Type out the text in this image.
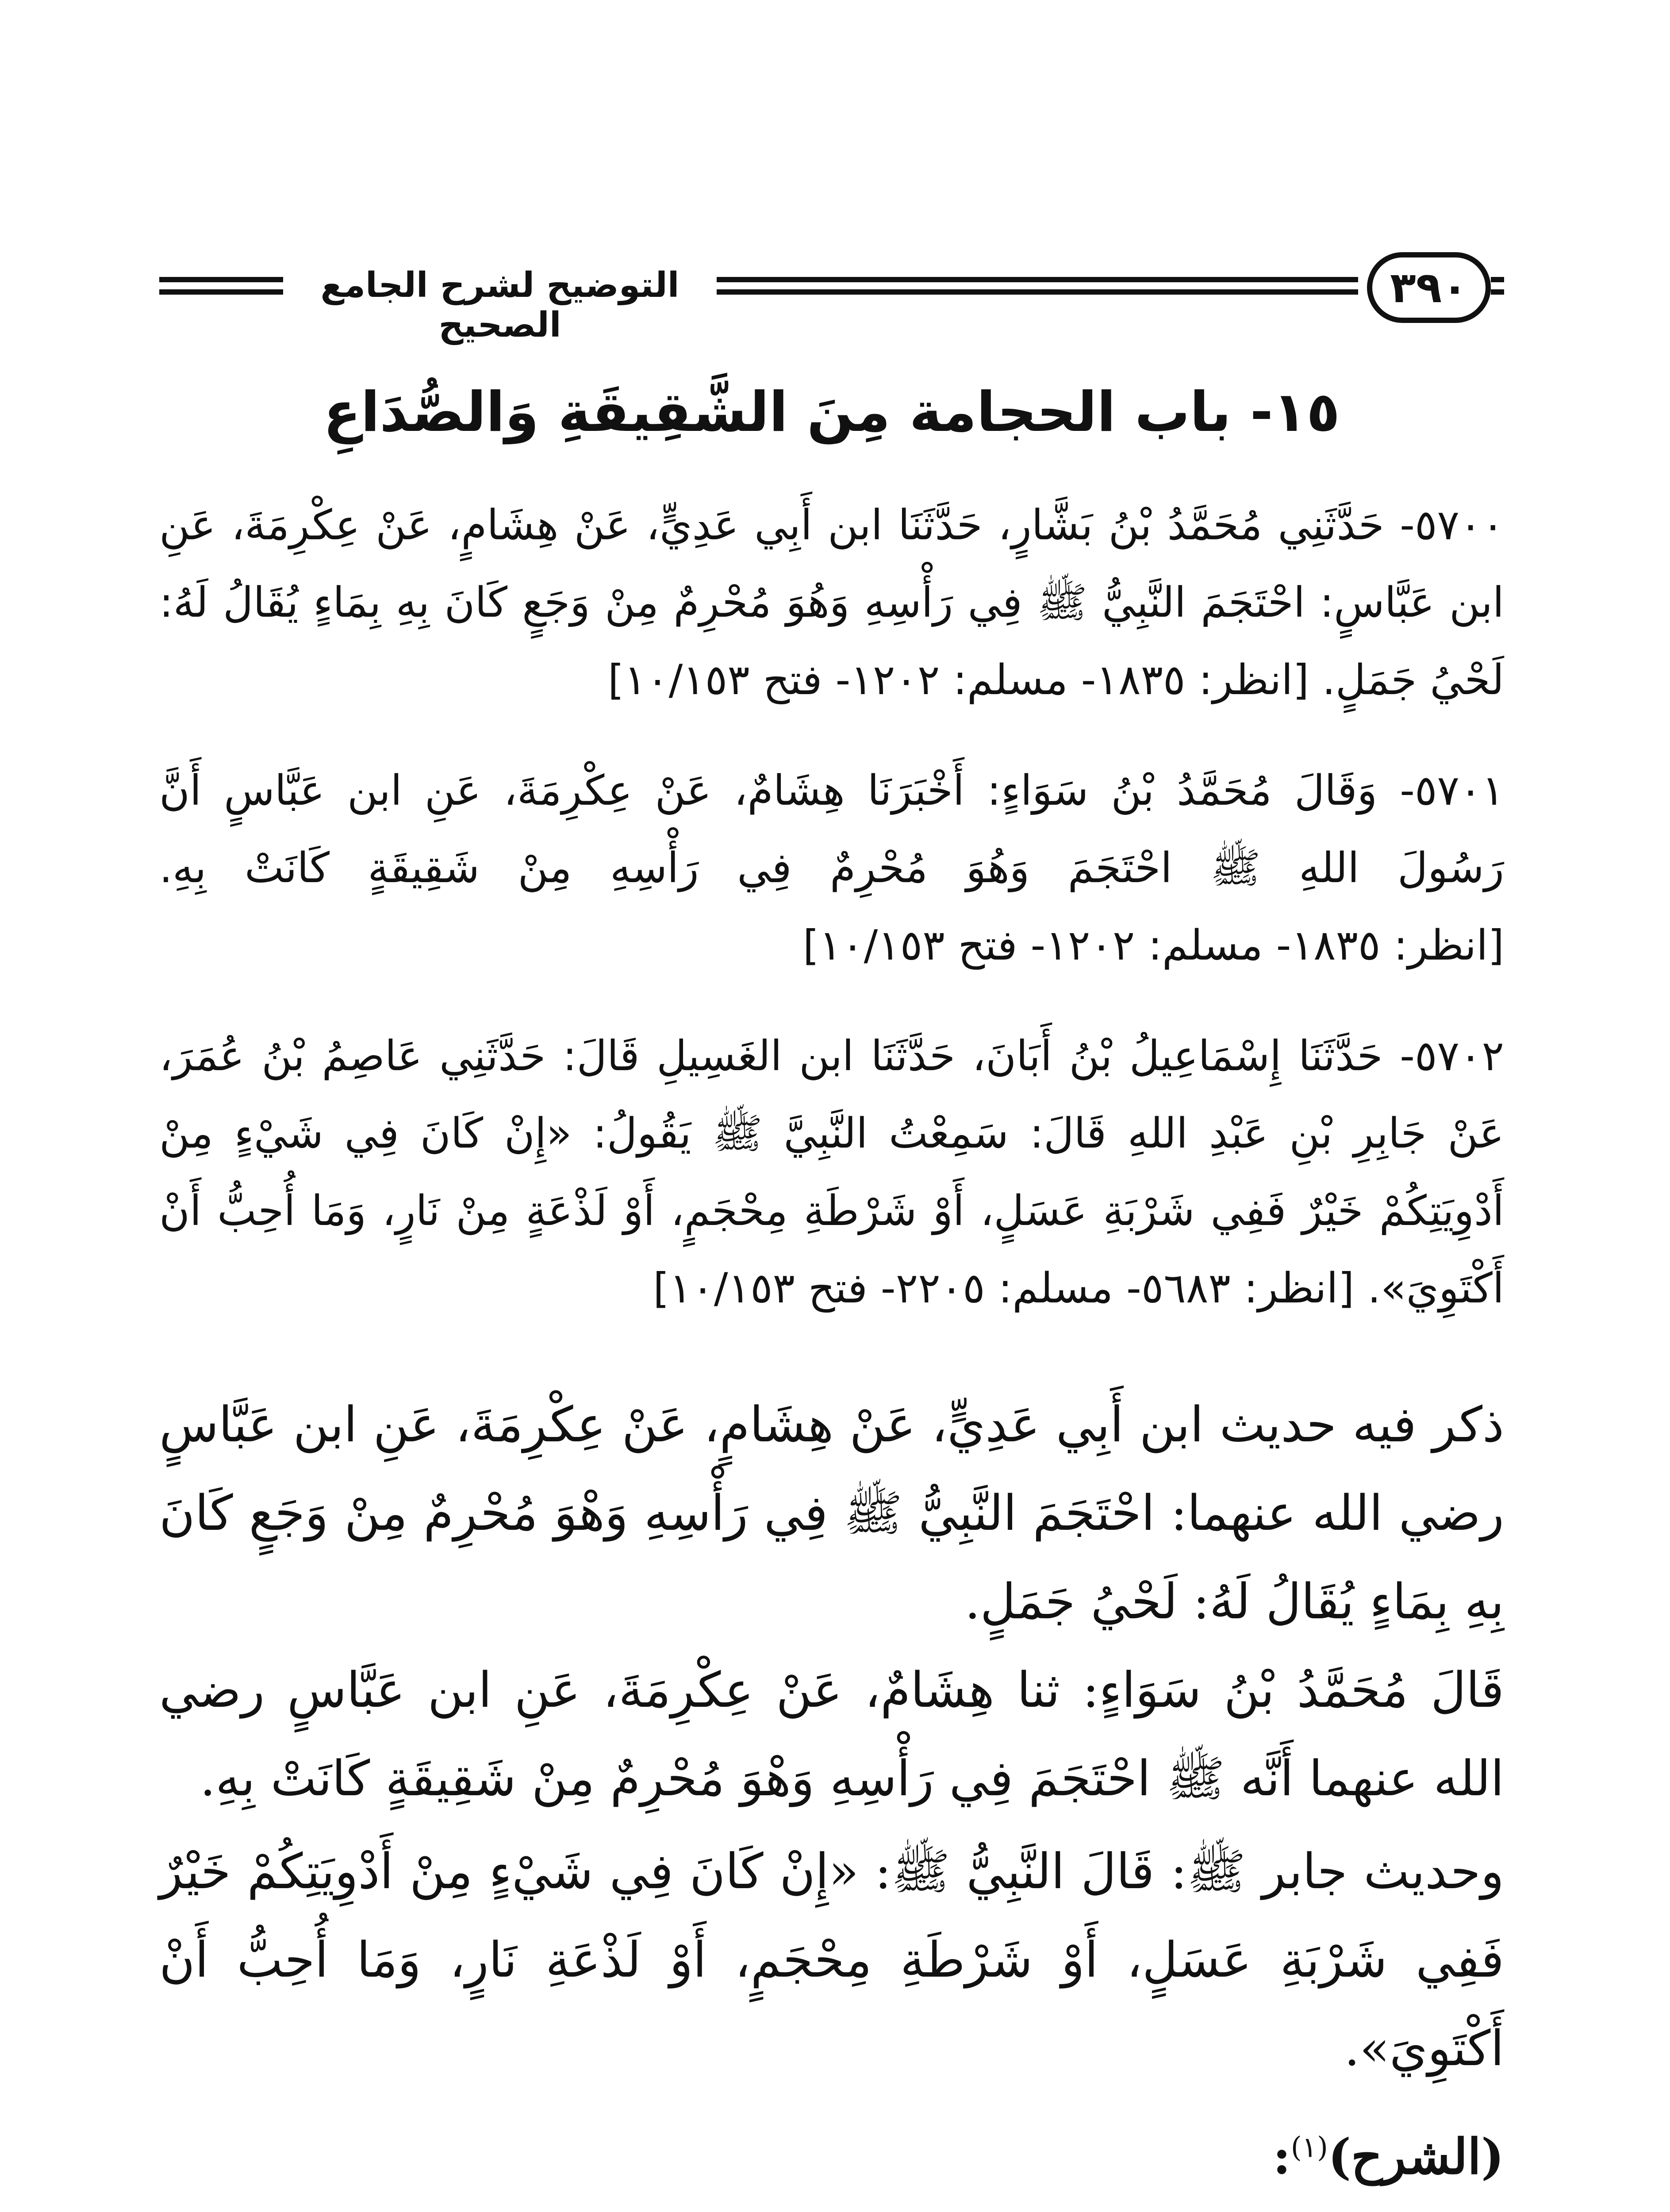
التوضيح لشرح الجامع الصحيح
٣٩٠
١٥- باب الحجامة مِنَ الشَّقِيقَةِ وَالصُّدَاعِ
٥٧٠٠- حَدَّثَنِي مُحَمَّدُ بْنُ بَشَّارٍ، حَدَّثَنَا ابن أَبِي عَدِيٍّ، عَنْ هِشَامٍ، عَنْ عِكْرِمَةَ، عَنِ ابن عَبَّاسٍ: احْتَجَمَ النَّبِيُّ ﷺ فِي رَأْسِهِ وَهُوَ مُحْرِمٌ مِنْ وَجَعٍ كَانَ بِهِ بِمَاءٍ يُقَالُ لَهُ: لَحْيُ جَمَلٍ. [انظر: ١٨٣٥- مسلم: ١٢٠٢- فتح ١٠/١٥٣]
٥٧٠١- وَقَالَ مُحَمَّدُ بْنُ سَوَاءٍ: أَخْبَرَنَا هِشَامٌ، عَنْ عِكْرِمَةَ، عَنِ ابن عَبَّاسٍ أَنَّ رَسُولَ اللهِ ﷺ احْتَجَمَ وَهُوَ مُحْرِمٌ فِي رَأْسِهِ مِنْ شَقِيقَةٍ كَانَتْ بِهِ. [انظر: ١٨٣٥- مسلم: ١٢٠٢- فتح ١٠/١٥٣]
٥٧٠٢- حَدَّثَنَا إِسْمَاعِيلُ بْنُ أَبَانَ، حَدَّثَنَا ابن الغَسِيلِ قَالَ: حَدَّثَنِي عَاصِمُ بْنُ عُمَرَ، عَنْ جَابِرِ بْنِ عَبْدِ اللهِ قَالَ: سَمِعْتُ النَّبِيَّ ﷺ يَقُولُ: «إِنْ كَانَ فِي شَيْءٍ مِنْ أَدْوِيَتِكُمْ خَيْرٌ فَفِي شَرْبَةِ عَسَلٍ، أَوْ شَرْطَةِ مِحْجَمٍ، أَوْ لَذْعَةٍ مِنْ نَارٍ، وَمَا أُحِبُّ أَنْ أَكْتَوِيَ». [انظر: ٥٦٨٣- مسلم: ٢٢٠٥- فتح ١٠/١٥٣]
ذكر فيه حديث ابن أَبِي عَدِيٍّ، عَنْ هِشَامٍ، عَنْ عِكْرِمَةَ، عَنِ ابن عَبَّاسٍ رضي الله عنهما: احْتَجَمَ النَّبِيُّ ﷺ فِي رَأْسِهِ وَهْوَ مُحْرِمٌ مِنْ وَجَعٍ كَانَ بِهِ بِمَاءٍ يُقَالُ لَهُ: لَحْيُ جَمَلٍ.
قَالَ مُحَمَّدُ بْنُ سَوَاءٍ: ثنا هِشَامٌ، عَنْ عِكْرِمَةَ، عَنِ ابن عَبَّاسٍ رضي الله عنهما أَنَّه ﷺ احْتَجَمَ فِي رَأْسِهِ وَهْوَ مُحْرِمٌ مِنْ شَقِيقَةٍ كَانَتْ بِهِ.
وحديث جابر ﷺ: قَالَ النَّبِيُّ ﷺ: «إِنْ كَانَ فِي شَيْءٍ مِنْ أَدْوِيَتِكُمْ خَيْرٌ فَفِي شَرْبَةِ عَسَلٍ، أَوْ شَرْطَةِ مِحْجَمٍ، أَوْ لَذْعَةِ نَارٍ، وَمَا أُحِبُّ أَنْ أَكْتَوِيَ».
(الشرح)$^{(١)}$:
